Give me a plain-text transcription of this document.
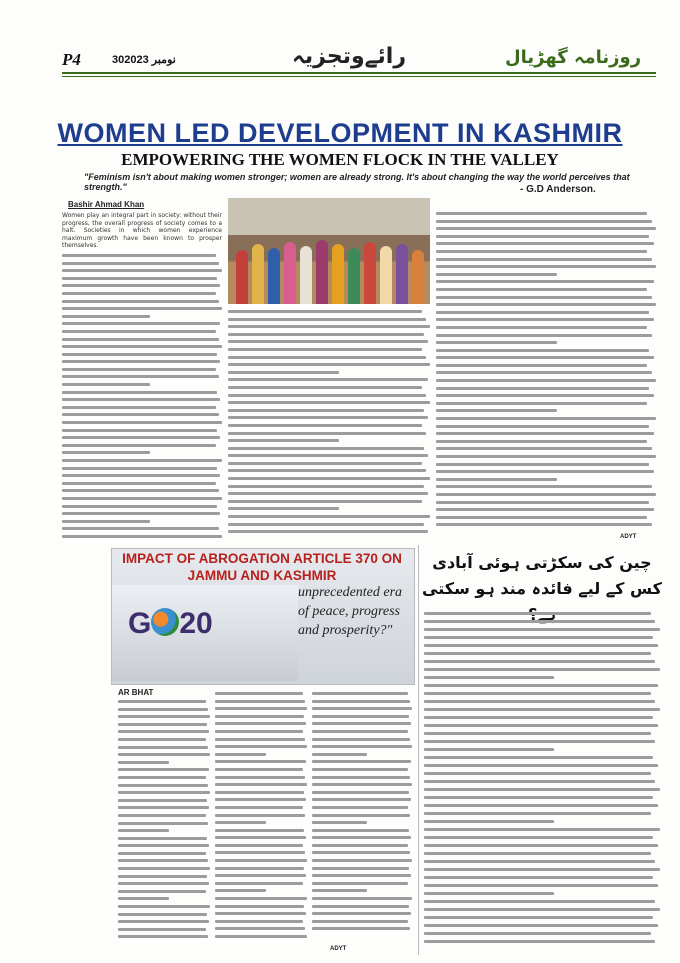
P4	30نومبر 2023	رائےوتجزیہ	روزنامہ گھڑیال
WOMEN LED DEVELOPMENT IN KASHMIR
EMPOWERING THE WOMEN FLOCK IN THE VALLEY
"Feminism isn't about making women stronger; women are already strong. It's about changing the way the world perceives that strength."	- G.D Anderson.
Bashir Ahmad Khan
Women play an integral part in society: without their progress, the overall progress of society comes to a halt. Societies in which women experience maximum growth have been known to prosper themselves.
ADYT
IMPACT OF ABROGATION ARTICLE 370 ON JAMMU AND KASHMIR
G 20
unprecedented era of peace, progress and prosperity?"
AR BHAT
ADYT
چین کی سکڑتی ہوئی آبادی کس کے لیے فائدہ مند ہو سکتی
